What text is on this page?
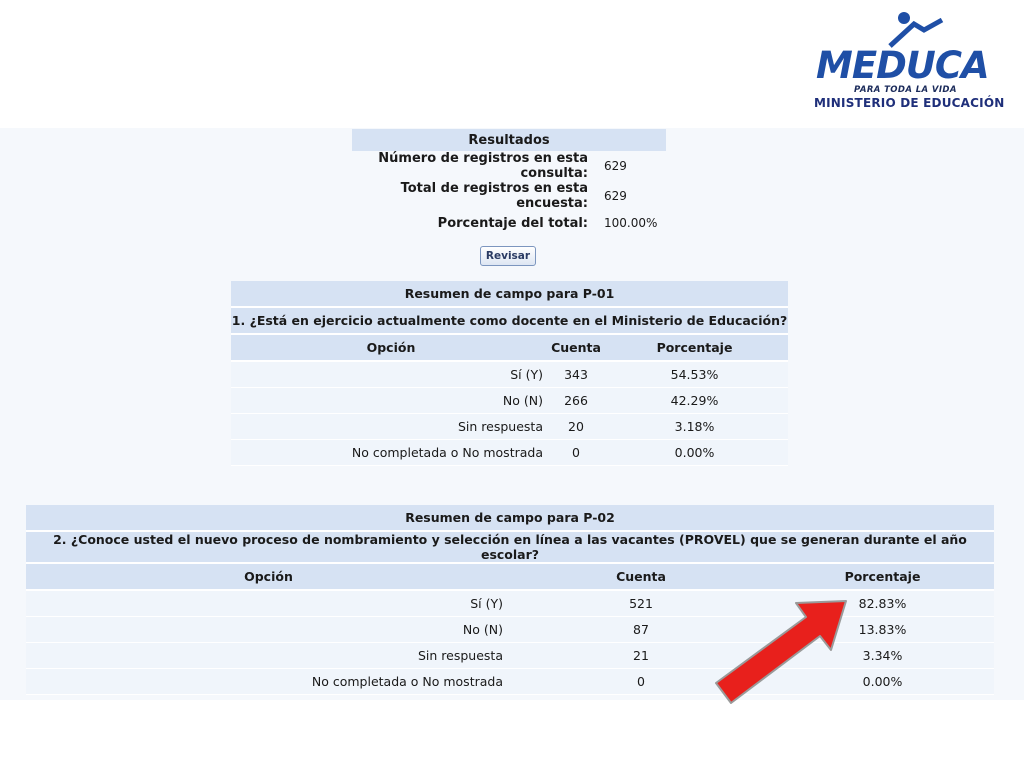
MEDUCA
PARA TODA LA VIDA
MINISTERIO DE EDUCACIÓN
Resultados	
Número de registros en esta consulta:	629
Total de registros en esta encuesta:	629
Porcentaje del total:	100.00%
Revisar
Resumen de campo para P-01		
1. ¿Está en ejercicio actualmente como docente en el Ministerio de Educación?		
Opción	Cuenta	Porcentaje
Sí (Y)	343	54.53%
No (N)	266	42.29%
Sin respuesta	20	3.18%
No completada o No mostrada	0	0.00%
Resumen de campo para P-02		
2. ¿Conoce usted el nuevo proceso de nombramiento y selección en línea a las vacantes (PROVEL) que se generan durante el año escolar?		
Opción	Cuenta	Porcentaje
Sí (Y)	521	82.83%
No (N)	87	13.83%
Sin respuesta	21	3.34%
No completada o No mostrada	0	0.00%
